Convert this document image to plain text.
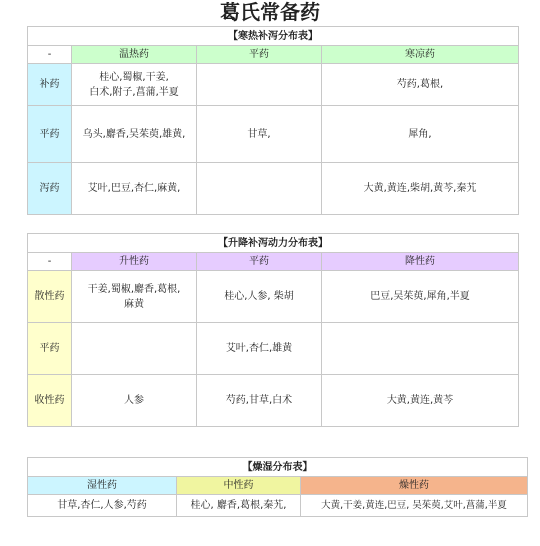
葛氏常备药
【寒热补泻分布表】			
-	温热药	平药	寒凉药
补药	桂心,蜀椒,干姜,
白术,附子,菖蒲,半夏		芍药,葛根,
平药	乌头,麝香,吴茱萸,雄黄,	甘草,	犀角,
泻药	艾叶,巴豆,杏仁,麻黄,		大黄,黄连,柴胡,黄芩,秦艽
【升降补泻动力分布表】			
-	升性药	平药	降性药
散性药	干姜,蜀椒,麝香,葛根,
麻黄	桂心,人参, 柴胡	巴豆,吴茱萸,犀角,半夏
平药		艾叶,杏仁,雄黄	
收性药	人参	芍药,甘草,白术	大黄,黄连,黄芩
【燥湿分布表】		
湿性药	中性药	燥性药
甘草,杏仁,人参,芍药	桂心, 麝香,葛根,秦艽,	大黄,干姜,黄连,巴豆, 吴茱萸,艾叶,菖蒲,半夏
